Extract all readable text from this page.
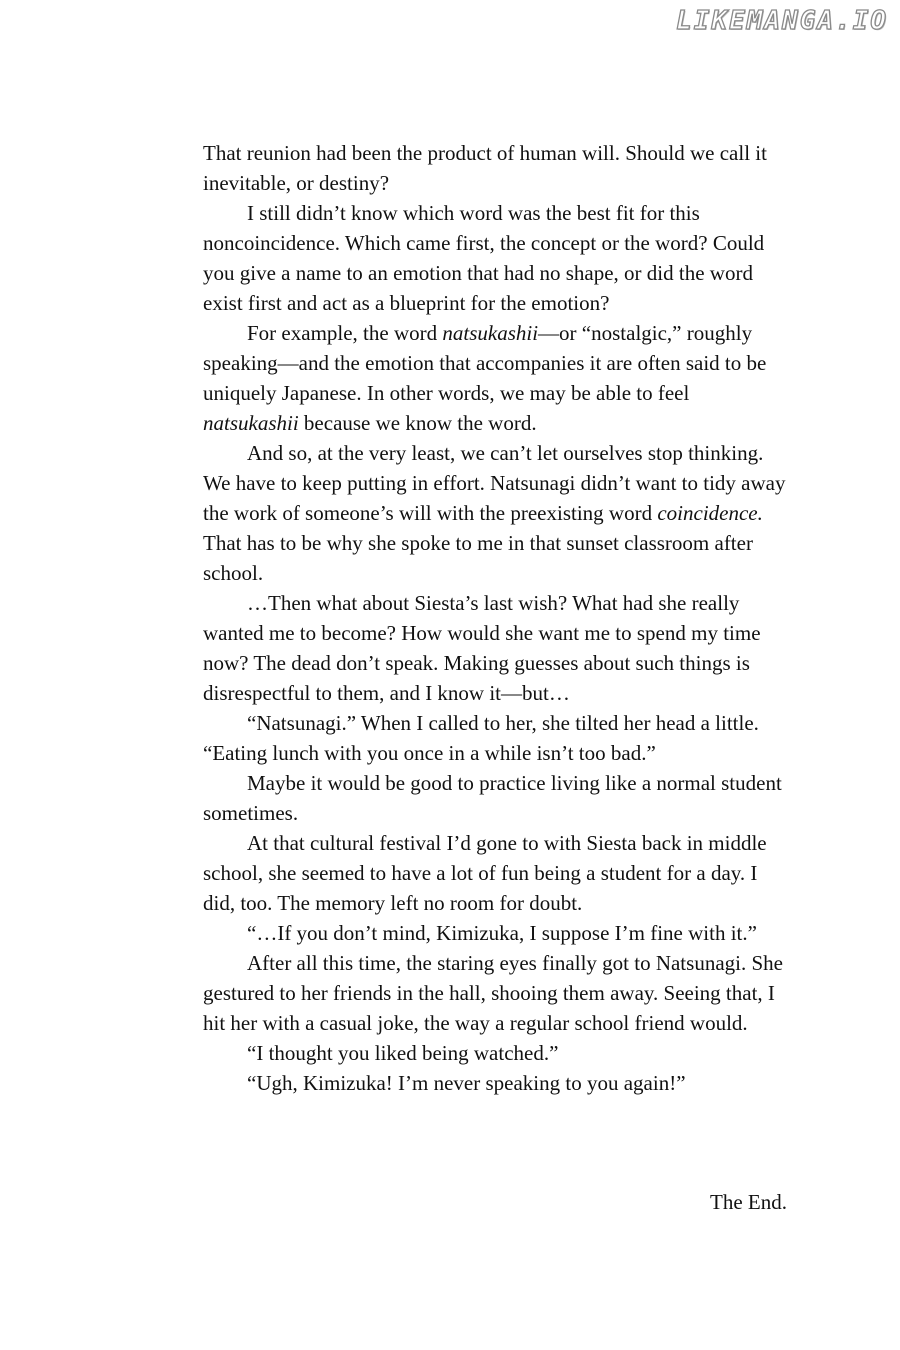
LIKEMANGA.IO

That reunion had been the product of human will. Should we call it inevitable, or destiny?

I still didn’t know which word was the best fit for this noncoincidence. Which came first, the concept or the word? Could you give a name to an emotion that had no shape, or did the word exist first and act as a blueprint for the emotion?

For example, the word natsukashii—or “nostalgic,” roughly speaking—and the emotion that accompanies it are often said to be uniquely Japanese. In other words, we may be able to feel natsukashii because we know the word.

And so, at the very least, we can’t let ourselves stop thinking. We have to keep putting in effort. Natsunagi didn’t want to tidy away the work of someone’s will with the preexisting word coincidence. That has to be why she spoke to me in that sunset classroom after school.

…Then what about Siesta’s last wish? What had she really wanted me to become? How would she want me to spend my time now? The dead don’t speak. Making guesses about such things is disrespectful to them, and I know it—but…

“Natsunagi.” When I called to her, she tilted her head a little. “Eating lunch with you once in a while isn’t too bad.”

Maybe it would be good to practice living like a normal student sometimes.

At that cultural festival I’d gone to with Siesta back in middle school, she seemed to have a lot of fun being a student for a day. I did, too. The memory left no room for doubt.

“…If you don’t mind, Kimizuka, I suppose I’m fine with it.”

After all this time, the staring eyes finally got to Natsunagi. She gestured to her friends in the hall, shooing them away. Seeing that, I hit her with a casual joke, the way a regular school friend would.

“I thought you liked being watched.”

“Ugh, Kimizuka! I’m never speaking to you again!”

The End.
